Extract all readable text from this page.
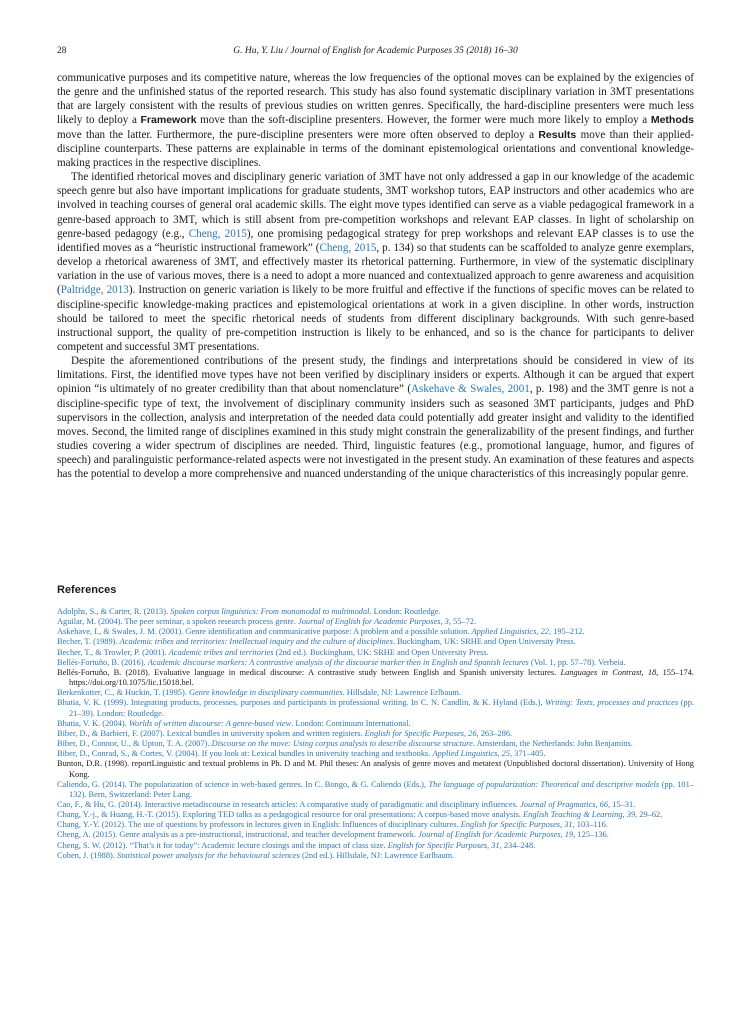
28	G. Hu, Y. Liu / Journal of English for Academic Purposes 35 (2018) 16–30

communicative purposes and its competitive nature, whereas the low frequencies of the optional moves can be explained by the exigencies of the genre and the unfinished status of the reported research. This study has also found systematic disciplinary variation in 3MT presentations that are largely consistent with the results of previous studies on written genres. Specifically, the hard-discipline presenters were much less likely to deploy a Framework move than the soft-discipline presenters. However, the former were much more likely to employ a Methods move than the latter. Furthermore, the pure-discipline presenters were more often observed to deploy a Results move than their applied-discipline counterparts. These patterns are explainable in terms of the dominant epistemological orientations and conventional knowledge-making practices in the respective disciplines.

The identified rhetorical moves and disciplinary generic variation of 3MT have not only addressed a gap in our knowledge of the academic speech genre but also have important implications for graduate students, 3MT workshop tutors, EAP instructors and other academics who are involved in teaching courses of general oral academic skills. The eight move types identified can serve as a viable pedagogical framework in a genre-based approach to 3MT, which is still absent from pre-competition workshops and relevant EAP classes. In light of scholarship on genre-based pedagogy (e.g., Cheng, 2015), one promising pedagogical strategy for prep workshops and relevant EAP classes is to use the identified moves as a “heuristic instructional framework” (Cheng, 2015, p. 134) so that students can be scaffolded to analyze genre exemplars, develop a rhetorical awareness of 3MT, and effectively master its rhetorical patterning. Furthermore, in view of the systematic disciplinary variation in the use of various moves, there is a need to adopt a more nuanced and contextualized approach to genre awareness and acquisition (Paltridge, 2013). Instruction on generic variation is likely to be more fruitful and effective if the functions of specific moves can be related to discipline-specific knowledge-making practices and epistemological orientations at work in a given discipline. In other words, instruction should be tailored to meet the specific rhetorical needs of students from different disciplinary backgrounds. With such genre-based instructional support, the quality of pre-competition instruction is likely to be enhanced, and so is the chance for participants to deliver competent and successful 3MT presentations.

Despite the aforementioned contributions of the present study, the findings and interpretations should be considered in view of its limitations. First, the identified move types have not been verified by disciplinary insiders or experts. Although it can be argued that expert opinion “is ultimately of no greater credibility than that about nomenclature” (Askehave & Swales, 2001, p. 198) and the 3MT genre is not a discipline-specific type of text, the involvement of disciplinary community insiders such as seasoned 3MT participants, judges and PhD supervisors in the collection, analysis and interpretation of the needed data could potentially add greater insight and validity to the identified moves. Second, the limited range of disciplines examined in this study might constrain the generalizability of the present findings, and further studies covering a wider spectrum of disciplines are needed. Third, linguistic features (e.g., promotional language, humor, and figures of speech) and paralinguistic performance-related aspects were not investigated in the present study. An examination of these features and aspects has the potential to develop a more comprehensive and nuanced understanding of the unique characteristics of this increasingly popular genre.

References
Adolphs, S., & Carter, R. (2013). Spoken corpus linguistics: From monomodal to multimodal. London: Routledge.
Aguilar, M. (2004). The peer seminar, a spoken research process genre. Journal of English for Academic Purposes, 3, 55–72.
Askehave, I., & Swales, J. M. (2001). Genre identification and communicative purpose: A problem and a possible solution. Applied Linguistics, 22, 195–212.
Becher, T. (1989). Academic tribes and territories: Intellectual inquiry and the culture of disciplines. Buckingham, UK: SRHE and Open University Press.
Becher, T., & Trowler, P. (2001). Academic tribes and territories (2nd ed.). Buckingham, UK: SRHE and Open University Press.
Bellés-Fortuño, B. (2016). Academic discourse markers: A contrastive analysis of the discourse marker then in English and Spanish lectures (Vol. 1, pp. 57–78). Verbeia.
Bellés-Fortuño, B. (2018). Evaluative language in medical discourse: A contrastive study between English and Spanish university lectures. Languages in Contrast, 18, 155–174. https://doi.org/10.1075/lic.15018.bel.
Berkenkotter, C., & Huckin, T. (1995). Genre knowledge in disciplinary communities. Hillsdale, NJ: Lawrence Erlbaum.
Bhatia, V. K. (1999). Integrating products, processes, purposes and participants in professional writing. In C. N. Candlin, & K. Hyland (Eds.), Writing: Texts, processes and practices (pp. 21–39). London: Routledge.
Bhatia, V. K. (2004). Worlds of written discourse: A genre-based view. London: Continuum International.
Biber, D., & Barbieri, F. (2007). Lexical bundles in university spoken and written registers. English for Specific Purposes, 26, 263–286.
Biber, D., Connor, U., & Upton, T. A. (2007). Discourse on the move: Using corpus analysis to describe discourse structure. Amsterdam, the Netherlands: John Benjamins.
Biber, D., Conrad, S., & Cortes, V. (2004). If you look at: Lexical bundles in university teaching and textbooks. Applied Linguistics, 25, 371–405.
Bunton, D.R. (1998). reportLinguistic and textual problems in Ph. D and M. Phil theses: An analysis of genre moves and metatext (Unpublished doctoral dissertation). University of Hong Kong.
Caliendo, G. (2014). The popularization of science in web-based genres. In C. Bongo, & G. Caliendo (Eds.), The language of popularization: Theoretical and descriptive models (pp. 101–132). Bern, Switzerland: Peter Lang.
Cao, F., & Hu, G. (2014). Interactive metadiscourse in research articles: A comparative study of paradigmatic and disciplinary influences. Journal of Pragmatics, 66, 15–31.
Chang, Y.-j., & Huang, H.-T. (2015). Exploring TED talks as a pedagogical resource for oral presentations: A corpus-based move analysis. English Teaching & Learning, 39, 29–62.
Chang, Y.-Y. (2012). The use of questions by professors in lectures given in English: Influences of disciplinary cultures. English for Specific Purposes, 31, 103–116.
Cheng, A. (2015). Genre analysis as a pre-instructional, instructional, and teacher development framework. Journal of English for Academic Purposes, 19, 125–136.
Cheng, S. W. (2012). “That’s it for today”: Academic lecture closings and the impact of class size. English for Specific Purposes, 31, 234–248.
Cohen, J. (1988). Statistical power analysis for the behavioural sciences (2nd ed.). Hillsdale, NJ: Lawrence Earlbaum.
